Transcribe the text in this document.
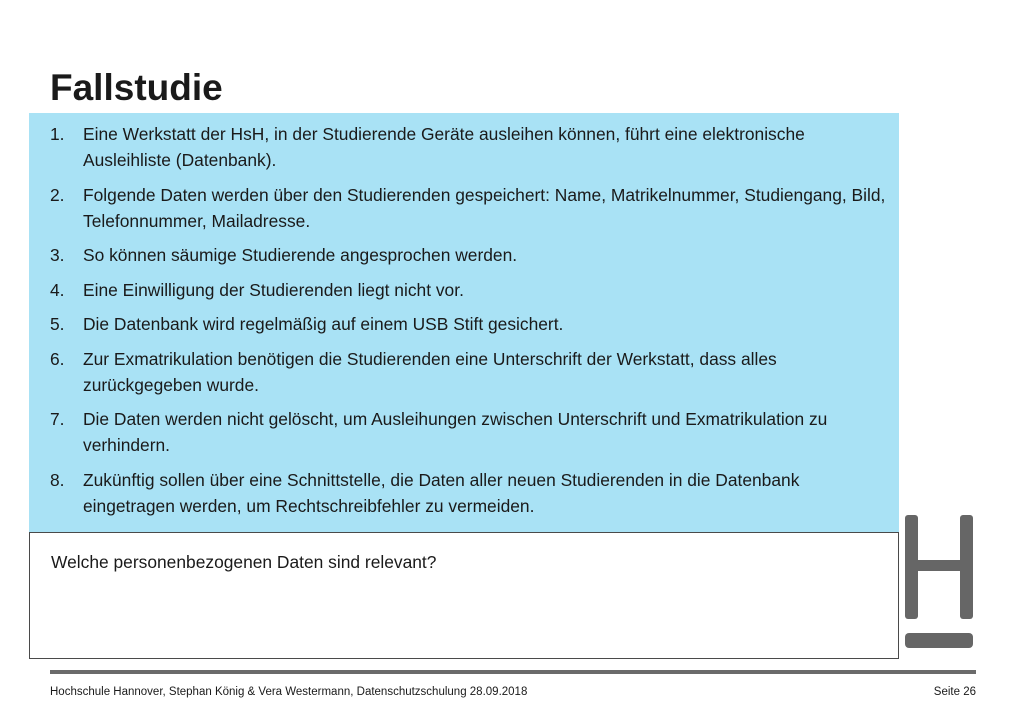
Fallstudie
1.	Eine Werkstatt der HsH, in der Studierende Geräte ausleihen können, führt eine elektronische Ausleihliste (Datenbank).
2.	Folgende Daten werden über den Studierenden gespeichert: Name, Matrikelnummer, Studiengang, Bild, Telefonnummer, Mailadresse.
3.	So können säumige Studierende angesprochen werden.
4.	Eine Einwilligung der Studierenden liegt nicht vor.
5.	Die Datenbank wird regelmäßig auf einem USB Stift gesichert.
6.	Zur Exmatrikulation benötigen die Studierenden eine Unterschrift der Werkstatt, dass alles zurückgegeben wurde.
7.	Die Daten werden nicht gelöscht, um Ausleihungen zwischen Unterschrift und Exmatrikulation zu verhindern.
8.	Zukünftig sollen über eine Schnittstelle, die Daten aller neuen Studierenden in die Datenbank eingetragen werden, um Rechtschreibfehler zu vermeiden.
Welche personenbezogenen Daten sind relevant?
Hochschule Hannover, Stephan König & Vera Westermann, Datenschutzschulung 28.09.2018	Seite 26
